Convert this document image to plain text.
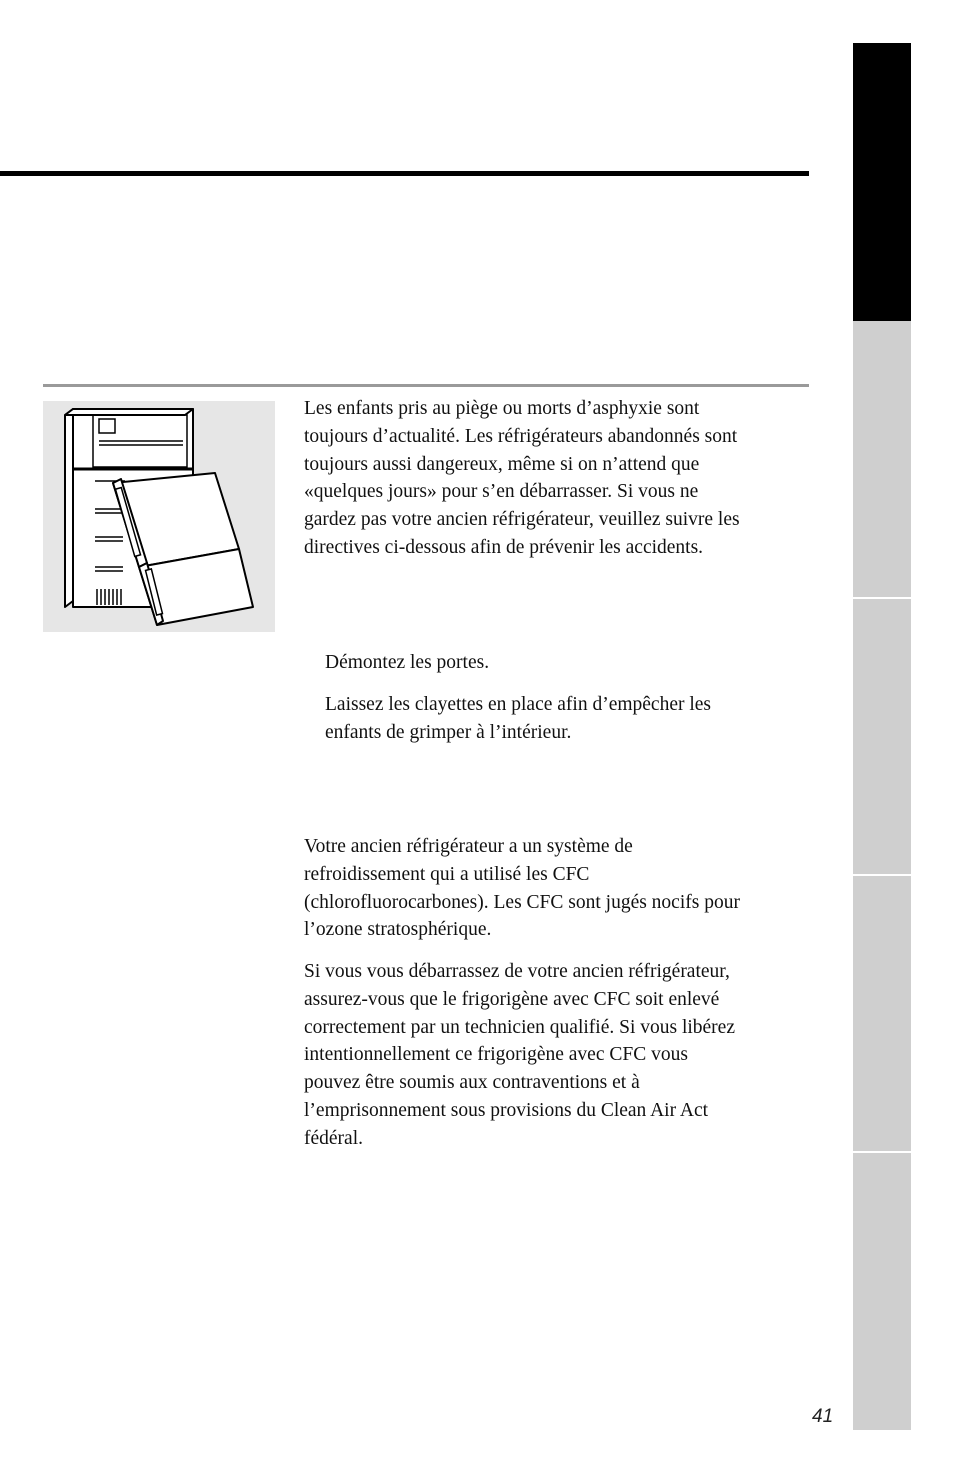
Les enfants pris au piège ou morts d’asphyxie sont
toujours d’actualité. Les réfrigérateurs abandonnés sont
toujours aussi dangereux, même si on n’attend que
«quelques jours» pour s’en débarrasser. Si vous ne
gardez pas votre ancien réfrigérateur, veuillez suivre les
directives ci-dessous afin de prévenir les accidents.

Démontez les portes.

Laissez les clayettes en place afin d’empêcher les
enfants de grimper à l’intérieur.

Votre ancien réfrigérateur a un système de
refroidissement qui a utilisé les CFC
(chlorofluorocarbones). Les CFC sont jugés nocifs pour
l’ozone stratosphérique.

Si vous vous débarrassez de votre ancien réfrigérateur,
assurez-vous que le frigorigène avec CFC soit enlevé
correctement par un technicien qualifié. Si vous libérez
intentionnellement ce frigorigène avec CFC vous
pouvez être soumis aux contraventions et à
l’emprisonnement sous provisions du Clean Air Act
fédéral.

41
